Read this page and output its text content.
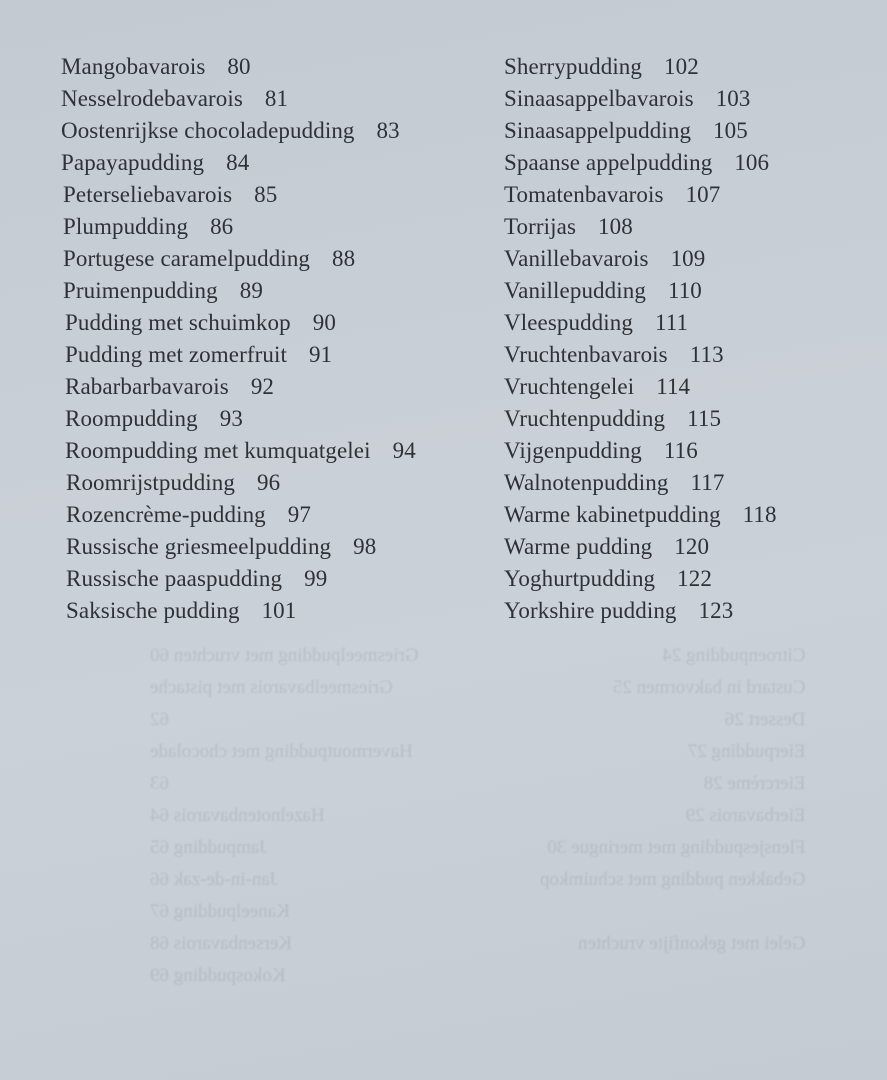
Griesmeelpudding met vruchten 60
Griesmeelbavarois met pistache
62
Havermoutpudding met chocolade
63
Hazelnotenbavarois 64
Jampudding 65
Jan-in-de-zak 66
Kaneelpudding 67
Kersenbavarois 68
Kokospudding 69
Citroenpudding 24
Custard in bakvormen 25
Dessert 26
Eierpudding 27
Eiercrème 28
Eierbavarois 29
Flensjespudding met meringue 30
Gebakken pudding met schuimkop

Gelei met gekonfijte vruchten
Mangobavarois 80
Nesselrodebavarois 81
Oostenrijkse chocoladepudding 83
Papayapudding 84
Peterseliebavarois 85
Plumpudding 86
Portugese caramelpudding 88
Pruimenpudding 89
Pudding met schuimkop 90
Pudding met zomerfruit 91
Rabarbarbavarois 92
Roompudding 93
Roompudding met kumquatgelei 94
Roomrijstpudding 96
Rozencrème-pudding 97
Russische griesmeelpudding 98
Russische paaspudding 99
Saksische pudding 101
Sherrypudding 102
Sinaasappelbavarois 103
Sinaasappelpudding 105
Spaanse appelpudding 106
Tomatenbavarois 107
Torrijas 108
Vanillebavarois 109
Vanillepudding 110
Vleespudding 111
Vruchtenbavarois 113
Vruchtengelei 114
Vruchtenpudding 115
Vijgenpudding 116
Walnotenpudding 117
Warme kabinetpudding 118
Warme pudding 120
Yoghurtpudding 122
Yorkshire pudding 123
